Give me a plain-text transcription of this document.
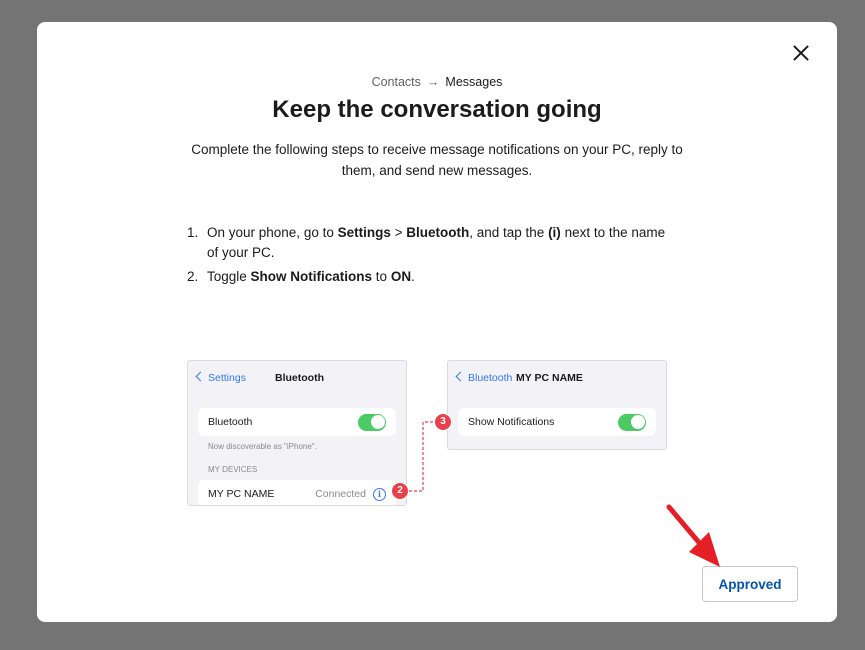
Contacts → Messages
Keep the conversation going
Complete the following steps to receive message notifications on your PC, reply to them, and send new messages.
1. On your phone, go to Settings > Bluetooth, and tap the (i) next to the name of your PC.
2. Toggle Show Notifications to ON.
Settings	Bluetooth
Bluetooth
Now discoverable as "iPhone".
MY DEVICES
MY PC NAME	Connected	i
Bluetooth MY PC NAME
Show Notifications
2
3
Approved
